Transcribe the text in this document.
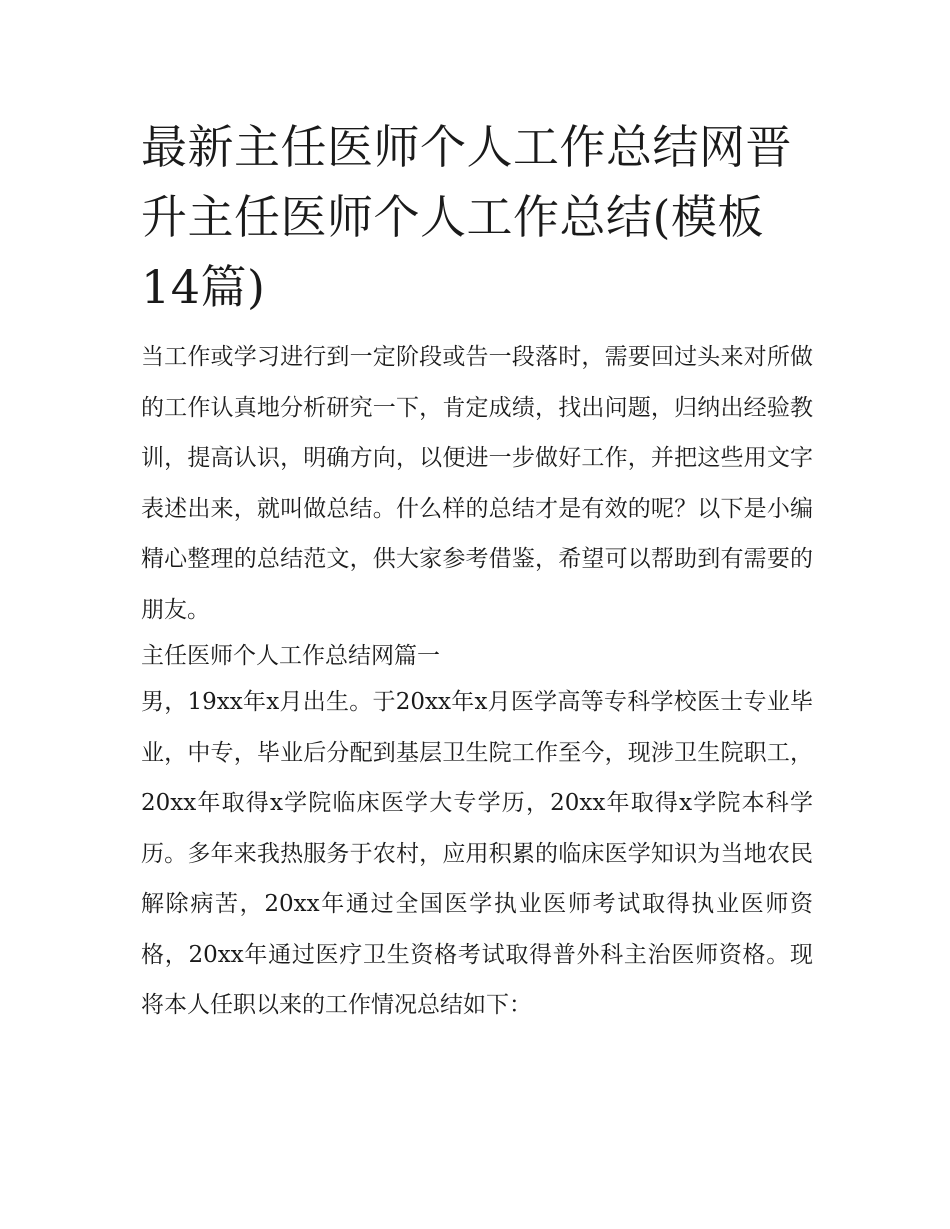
最新主任医师个人工作总结网晋升主任医师个人工作总结(模板14篇)

当工作或学习进行到一定阶段或告一段落时，需要回过头来对所做的工作认真地分析研究一下，肯定成绩，找出问题，归纳出经验教训，提高认识，明确方向，以便进一步做好工作，并把这些用文字表述出来，就叫做总结。什么样的总结才是有效的呢？以下是小编精心整理的总结范文，供大家参考借鉴，希望可以帮助到有需要的朋友。

主任医师个人工作总结网篇一

男，19xx年x月出生。于20xx年x月医学高等专科学校医士专业毕业，中专，毕业后分配到基层卫生院工作至今，现涉卫生院职工，20xx年取得x学院临床医学大专学历，20xx年取得x学院本科学历。多年来我热服务于农村，应用积累的临床医学知识为当地农民解除病苦，20xx年通过全国医学执业医师考试取得执业医师资格，20xx年通过医疗卫生资格考试取得普外科主治医师资格。现将本人任职以来的工作情况总结如下：
